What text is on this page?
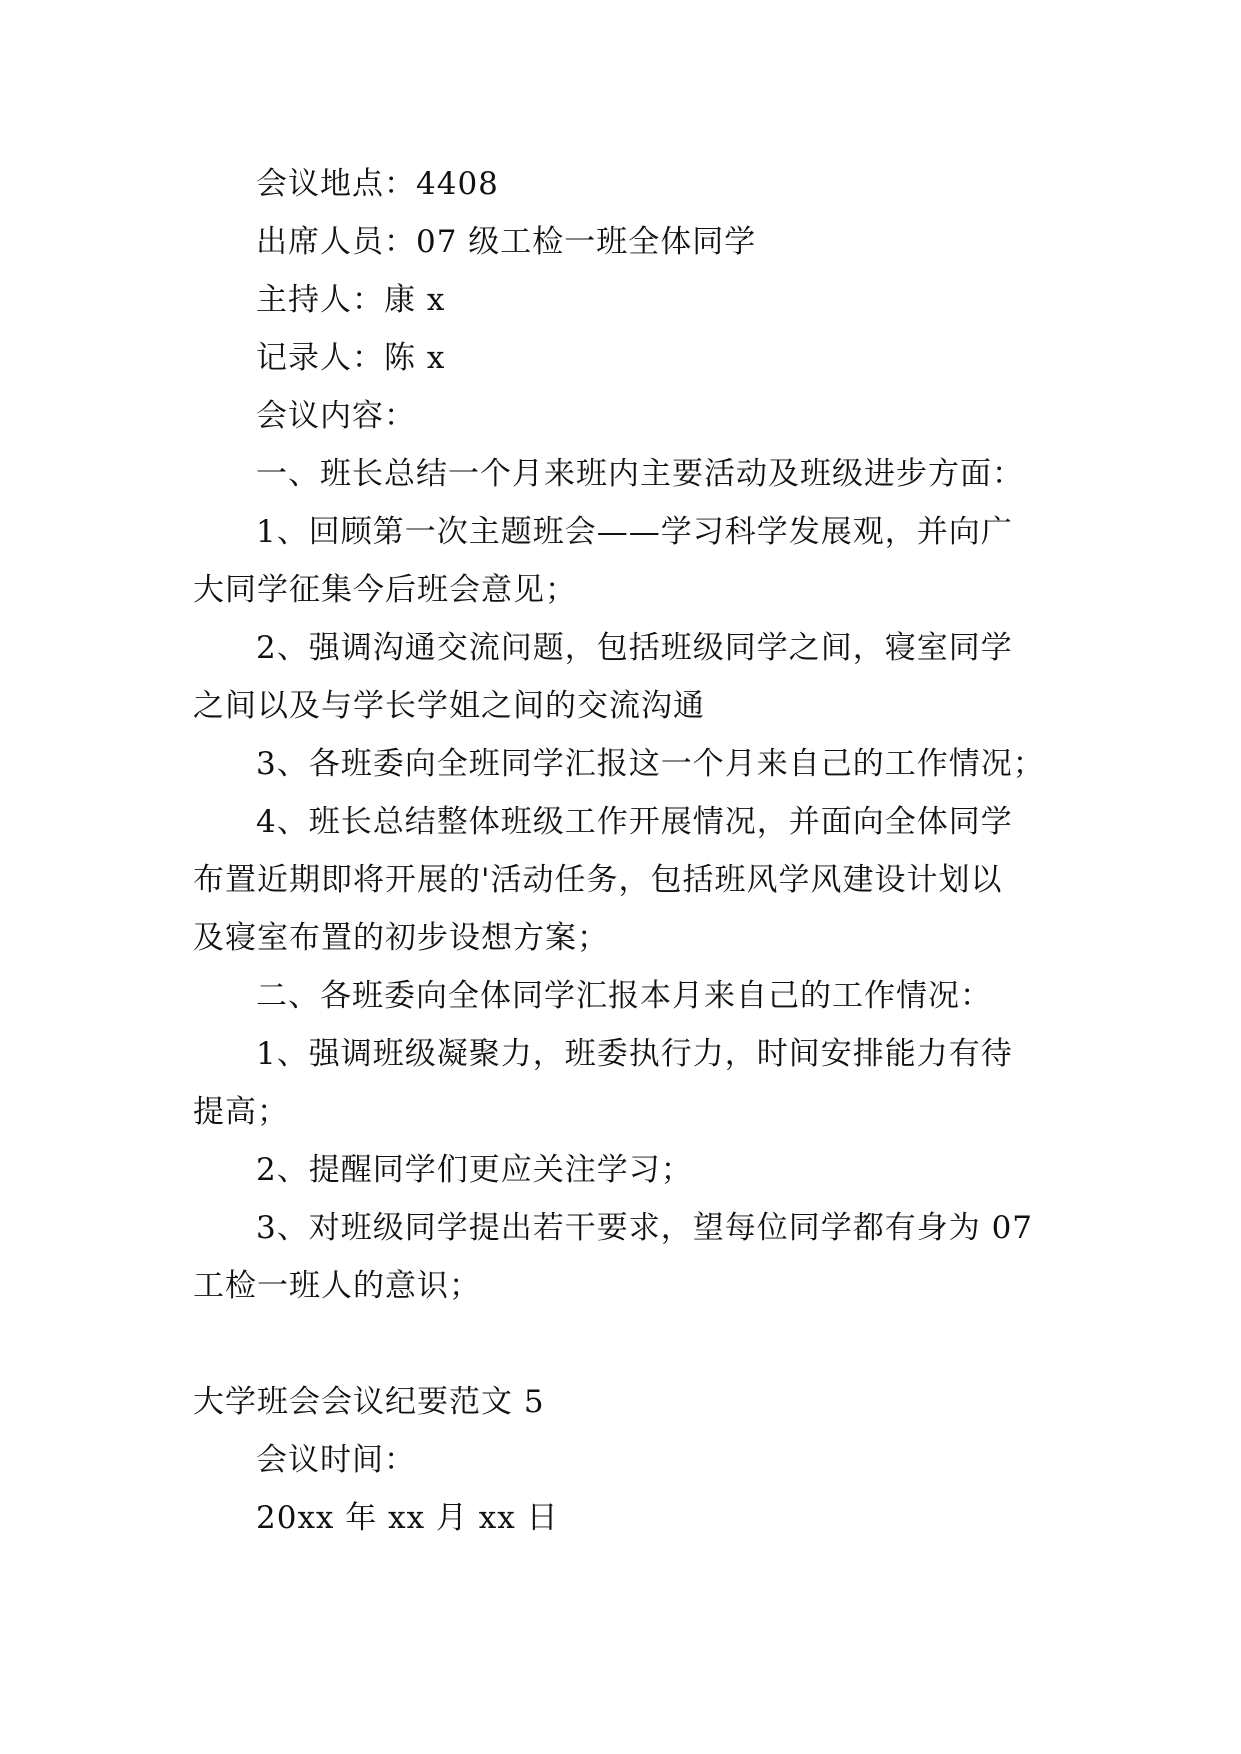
会议地点：4408
出席人员：07 级工检一班全体同学
主持人：康 x
记录人：陈 x
会议内容：
一、班长总结一个月来班内主要活动及班级进步方面：
1、回顾第一次主题班会——学习科学发展观，并向广
大同学征集今后班会意见；
2、强调沟通交流问题，包括班级同学之间，寝室同学
之间以及与学长学姐之间的交流沟通
3、各班委向全班同学汇报这一个月来自己的工作情况；
4、班长总结整体班级工作开展情况，并面向全体同学
布置近期即将开展的'活动任务，包括班风学风建设计划以
及寝室布置的初步设想方案；
二、各班委向全体同学汇报本月来自己的工作情况：
1、强调班级凝聚力，班委执行力，时间安排能力有待
提高；
2、提醒同学们更应关注学习；
3、对班级同学提出若干要求，望每位同学都有身为 07
工检一班人的意识；
大学班会会议纪要范文 5
会议时间：
20xx 年 xx 月 xx 日
